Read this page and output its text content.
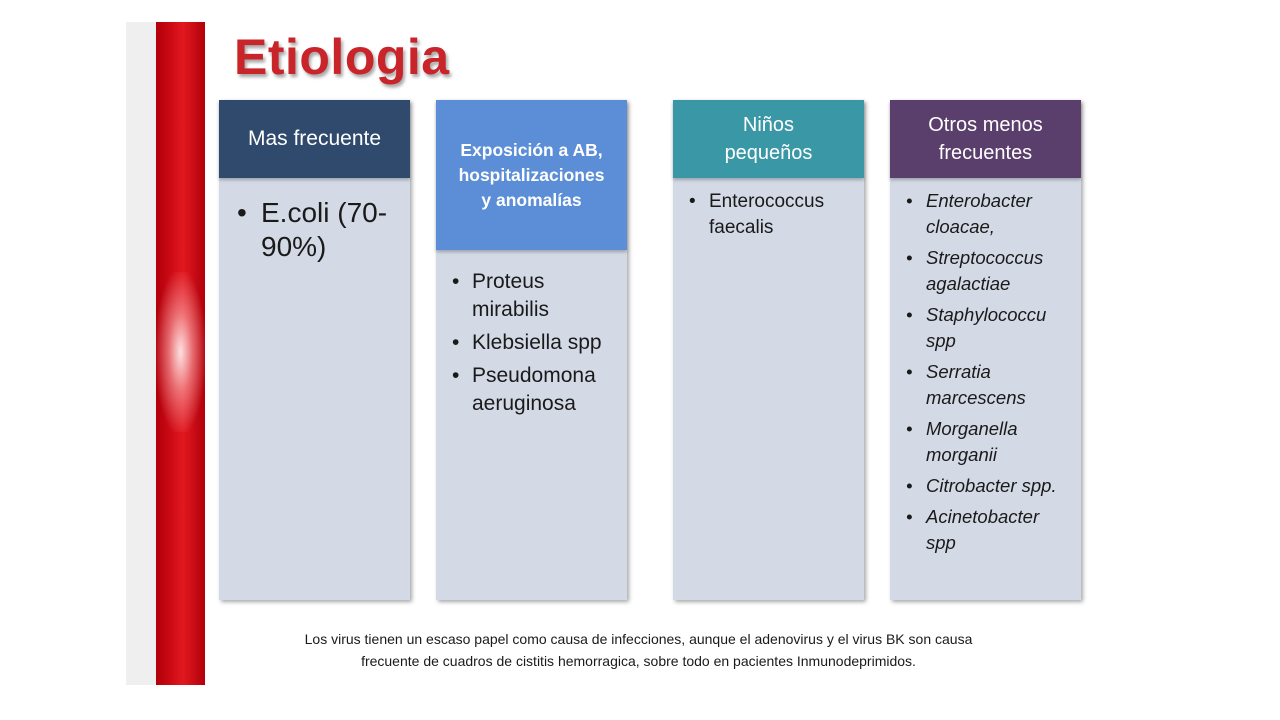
Etiologia
Mas frecuente
• E.coli (70-90%)
Exposición a AB,
hospitalizaciones
y anomalías
• Proteus mirabilis
• Klebsiella spp
• Pseudomona aeruginosa
Niños
pequeños
• Enterococcus faecalis
Otros menos
frecuentes
• Enterobacter cloacae,
• Streptococcus agalactiae
• Staphylococcu spp
• Serratia marcescens
• Morganella morganii
• Citrobacter spp.
• Acinetobacter spp
Los virus tienen un escaso papel como causa de infecciones, aunque el adenovirus y el virus BK son causa
frecuente de cuadros de cistitis hemorragica, sobre todo en pacientes Inmunodeprimidos.
